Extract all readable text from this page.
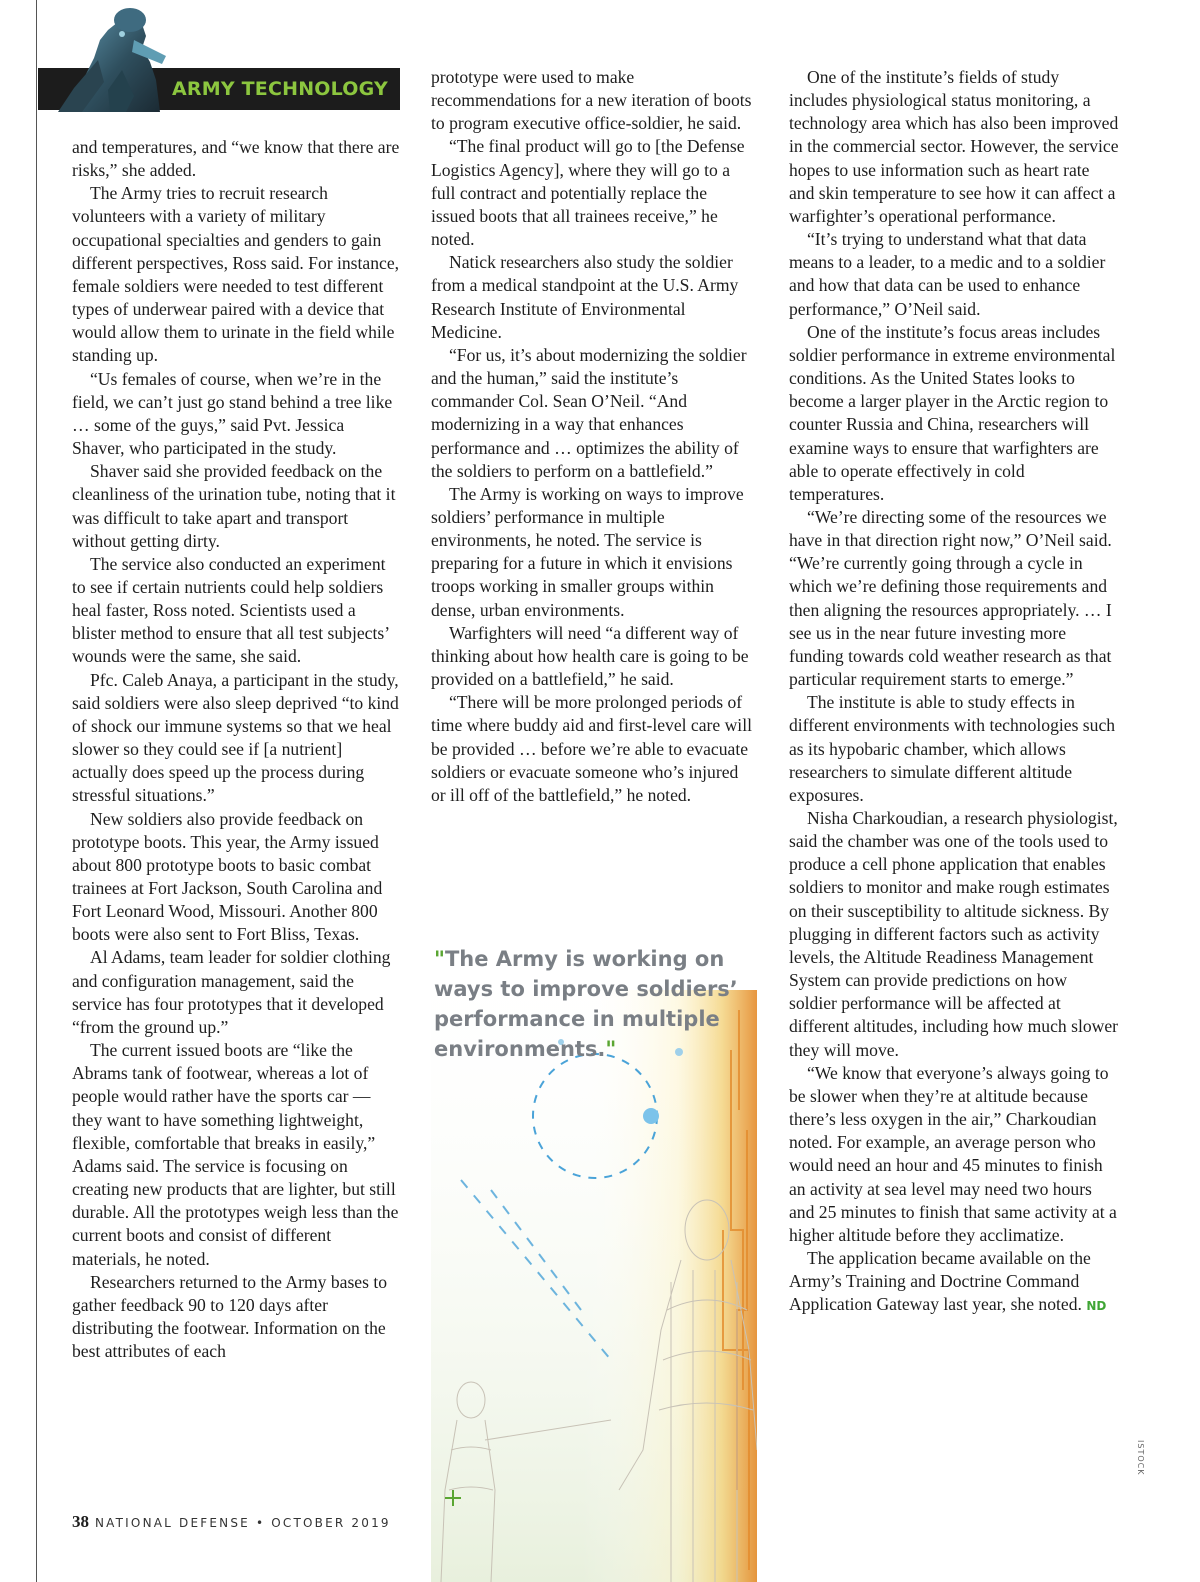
ARMY TECHNOLOGY

and temperatures, and “we know that there are risks,” she added.

The Army tries to recruit research volunteers with a variety of military occupational specialties and genders to gain different perspectives, Ross said. For instance, female soldiers were needed to test different types of underwear paired with a device that would allow them to urinate in the field while standing up.

“Us females of course, when we’re in the field, we can’t just go stand behind a tree like … some of the guys,” said Pvt. Jessica Shaver, who participated in the study.

Shaver said she provided feedback on the cleanliness of the urination tube, noting that it was difficult to take apart and transport without getting dirty.

The service also conducted an experiment to see if certain nutrients could help soldiers heal faster, Ross noted. Scientists used a blister method to ensure that all test subjects’ wounds were the same, she said.

Pfc. Caleb Anaya, a participant in the study, said soldiers were also sleep deprived “to kind of shock our immune systems so that we heal slower so they could see if [a nutrient] actually does speed up the process during stressful situations.”

New soldiers also provide feedback on prototype boots. This year, the Army issued about 800 prototype boots to basic combat trainees at Fort Jackson, South Carolina and Fort Leonard Wood, Missouri. Another 800 boots were also sent to Fort Bliss, Texas.

Al Adams, team leader for soldier clothing and configuration management, said the service has four prototypes that it developed “from the ground up.”

The current issued boots are “like the Abrams tank of footwear, whereas a lot of people would rather have the sports car — they want to have something lightweight, flexible, comfortable that breaks in easily,” Adams said. The service is focusing on creating new products that are lighter, but still durable. All the prototypes weigh less than the current boots and consist of different materials, he noted.

Researchers returned to the Army bases to gather feedback 90 to 120 days after distributing the footwear. Information on the best attributes of each

prototype were used to make recommendations for a new iteration of boots to program executive office-soldier, he said.

“The final product will go to [the Defense Logistics Agency], where they will go to a full contract and potentially replace the issued boots that all trainees receive,” he noted.

Natick researchers also study the soldier from a medical standpoint at the U.S. Army Research Institute of Environmental Medicine.

“For us, it’s about modernizing the soldier and the human,” said the institute’s commander Col. Sean O’Neil. “And modernizing in a way that enhances performance and … optimizes the ability of the soldiers to perform on a battlefield.”

The Army is working on ways to improve soldiers’ performance in multiple environments, he noted. The service is preparing for a future in which it envisions troops working in smaller groups within dense, urban environments.

Warfighters will need “a different way of thinking about how health care is going to be provided on a battlefield,” he said.

“There will be more prolonged periods of time where buddy aid and first-level care will be provided … before we’re able to evacuate soldiers or evacuate someone who’s injured or ill off of the battlefield,” he noted.

"The Army is working on ways to improve soldiers’ performance in multiple environments."

One of the institute’s fields of study includes physiological status monitoring, a technology area which has also been improved in the commercial sector. However, the service hopes to use information such as heart rate and skin temperature to see how it can affect a warfighter’s operational performance.

“It’s trying to understand what that data means to a leader, to a medic and to a soldier and how that data can be used to enhance performance,” O’Neil said.

One of the institute’s focus areas includes soldier performance in extreme environmental conditions. As the United States looks to become a larger player in the Arctic region to counter Russia and China, researchers will examine ways to ensure that warfighters are able to operate effectively in cold temperatures.

“We’re directing some of the resources we have in that direction right now,” O’Neil said. “We’re currently going through a cycle in which we’re defining those requirements and then aligning the resources appropriately. … I see us in the near future investing more funding towards cold weather research as that particular requirement starts to emerge.”

The institute is able to study effects in different environments with technologies such as its hypobaric chamber, which allows researchers to simulate different altitude exposures.

Nisha Charkoudian, a research physiologist, said the chamber was one of the tools used to produce a cell phone application that enables soldiers to monitor and make rough estimates on their susceptibility to altitude sickness. By plugging in different factors such as activity levels, the Altitude Readiness Management System can provide predictions on how soldier performance will be affected at different altitudes, including how much slower they will move.

“We know that everyone’s always going to be slower when they’re at altitude because there’s less oxygen in the air,” Charkoudian noted. For example, an average person who would need an hour and 45 minutes to finish an activity at sea level may need two hours and 25 minutes to finish that same activity at a higher altitude before they acclimatize.

The application became available on the Army’s Training and Doctrine Command Application Gateway last year, she noted. ND

38 NATIONAL DEFENSE • OCTOBER 2019
ISTOCK
